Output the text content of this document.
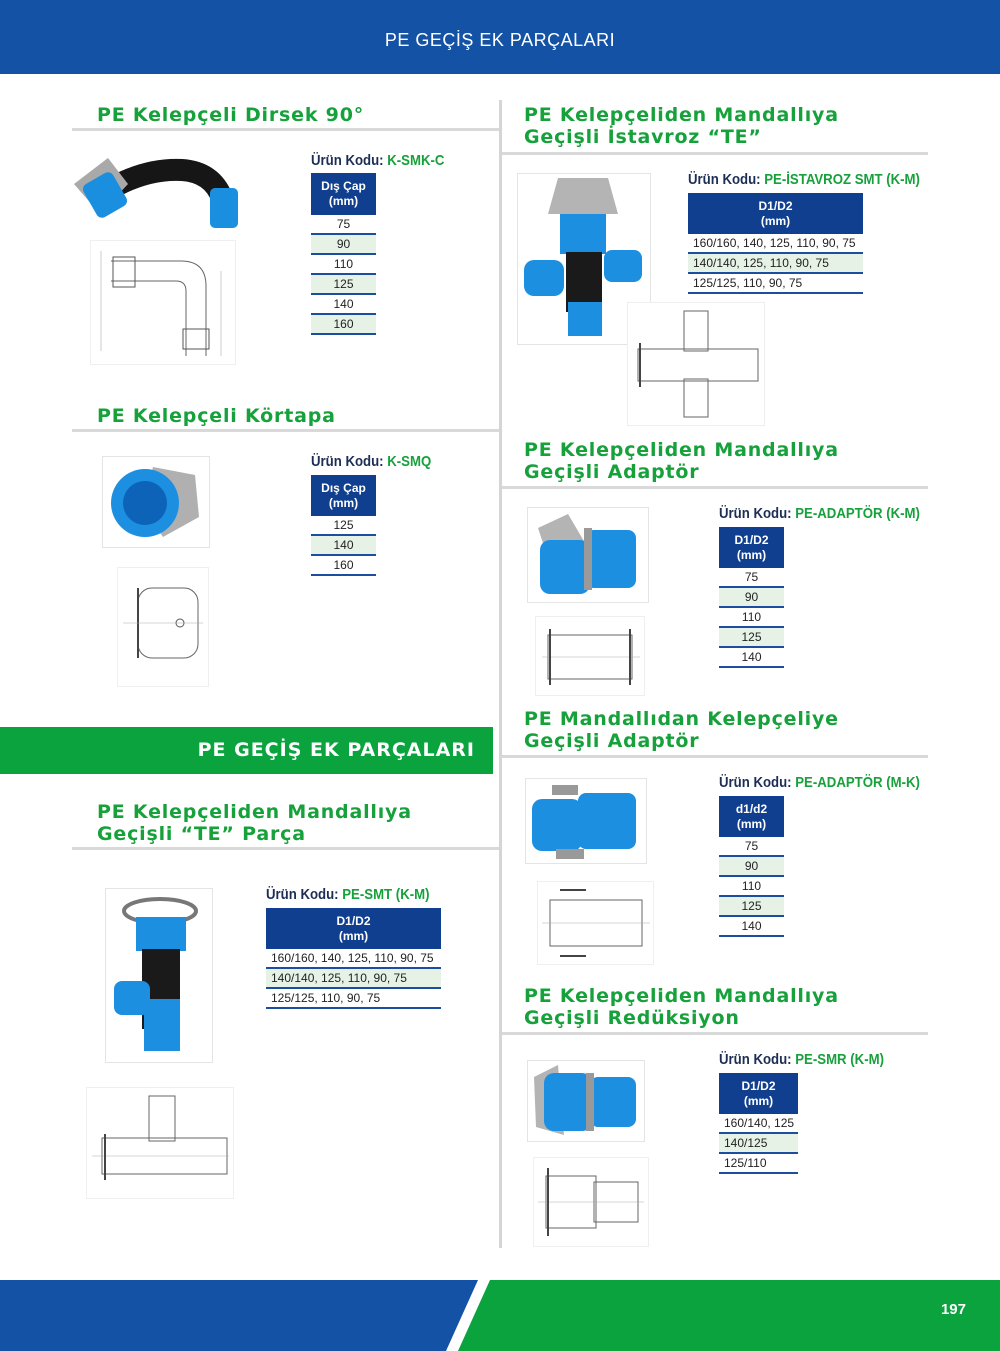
PE GEÇİŞ EK PARÇALARI
PE Kelepçeli Dirsek 90°
Ürün Kodu: K-SMK-C
Dış Çap
(mm)
75
90
110
125
140
160
PE Kelepçeli Körtapa
Ürün Kodu: K-SMQ
Dış Çap
(mm)
125
140
160
PE GEÇİŞ EK PARÇALARI
PE Kelepçeliden Mandallıya
Geçişli “TE” Parça
Ürün Kodu: PE-SMT (K-M)
D1/D2
(mm)
160/160, 140, 125, 110, 90, 75
140/140, 125, 110, 90, 75
125/125, 110, 90, 75
PE Kelepçeliden Mandallıya
Geçişli İstavroz “TE”
Ürün Kodu: PE-İSTAVROZ SMT (K-M)
D1/D2
(mm)
160/160, 140, 125, 110, 90, 75
140/140, 125, 110, 90, 75
125/125, 110, 90, 75
PE Kelepçeliden Mandallıya
Geçişli Adaptör
Ürün Kodu: PE-ADAPTÖR (K-M)
D1/D2
(mm)
75
90
110
125
140
PE Mandallıdan Kelepçeliye
Geçişli Adaptör
Ürün Kodu: PE-ADAPTÖR (M-K)
d1/d2
(mm)
75
90
110
125
140
PE Kelepçeliden Mandallıya
Geçişli Redüksiyon
Ürün Kodu: PE-SMR (K-M)
D1/D2
(mm)
160/140, 125
140/125
125/110
197
